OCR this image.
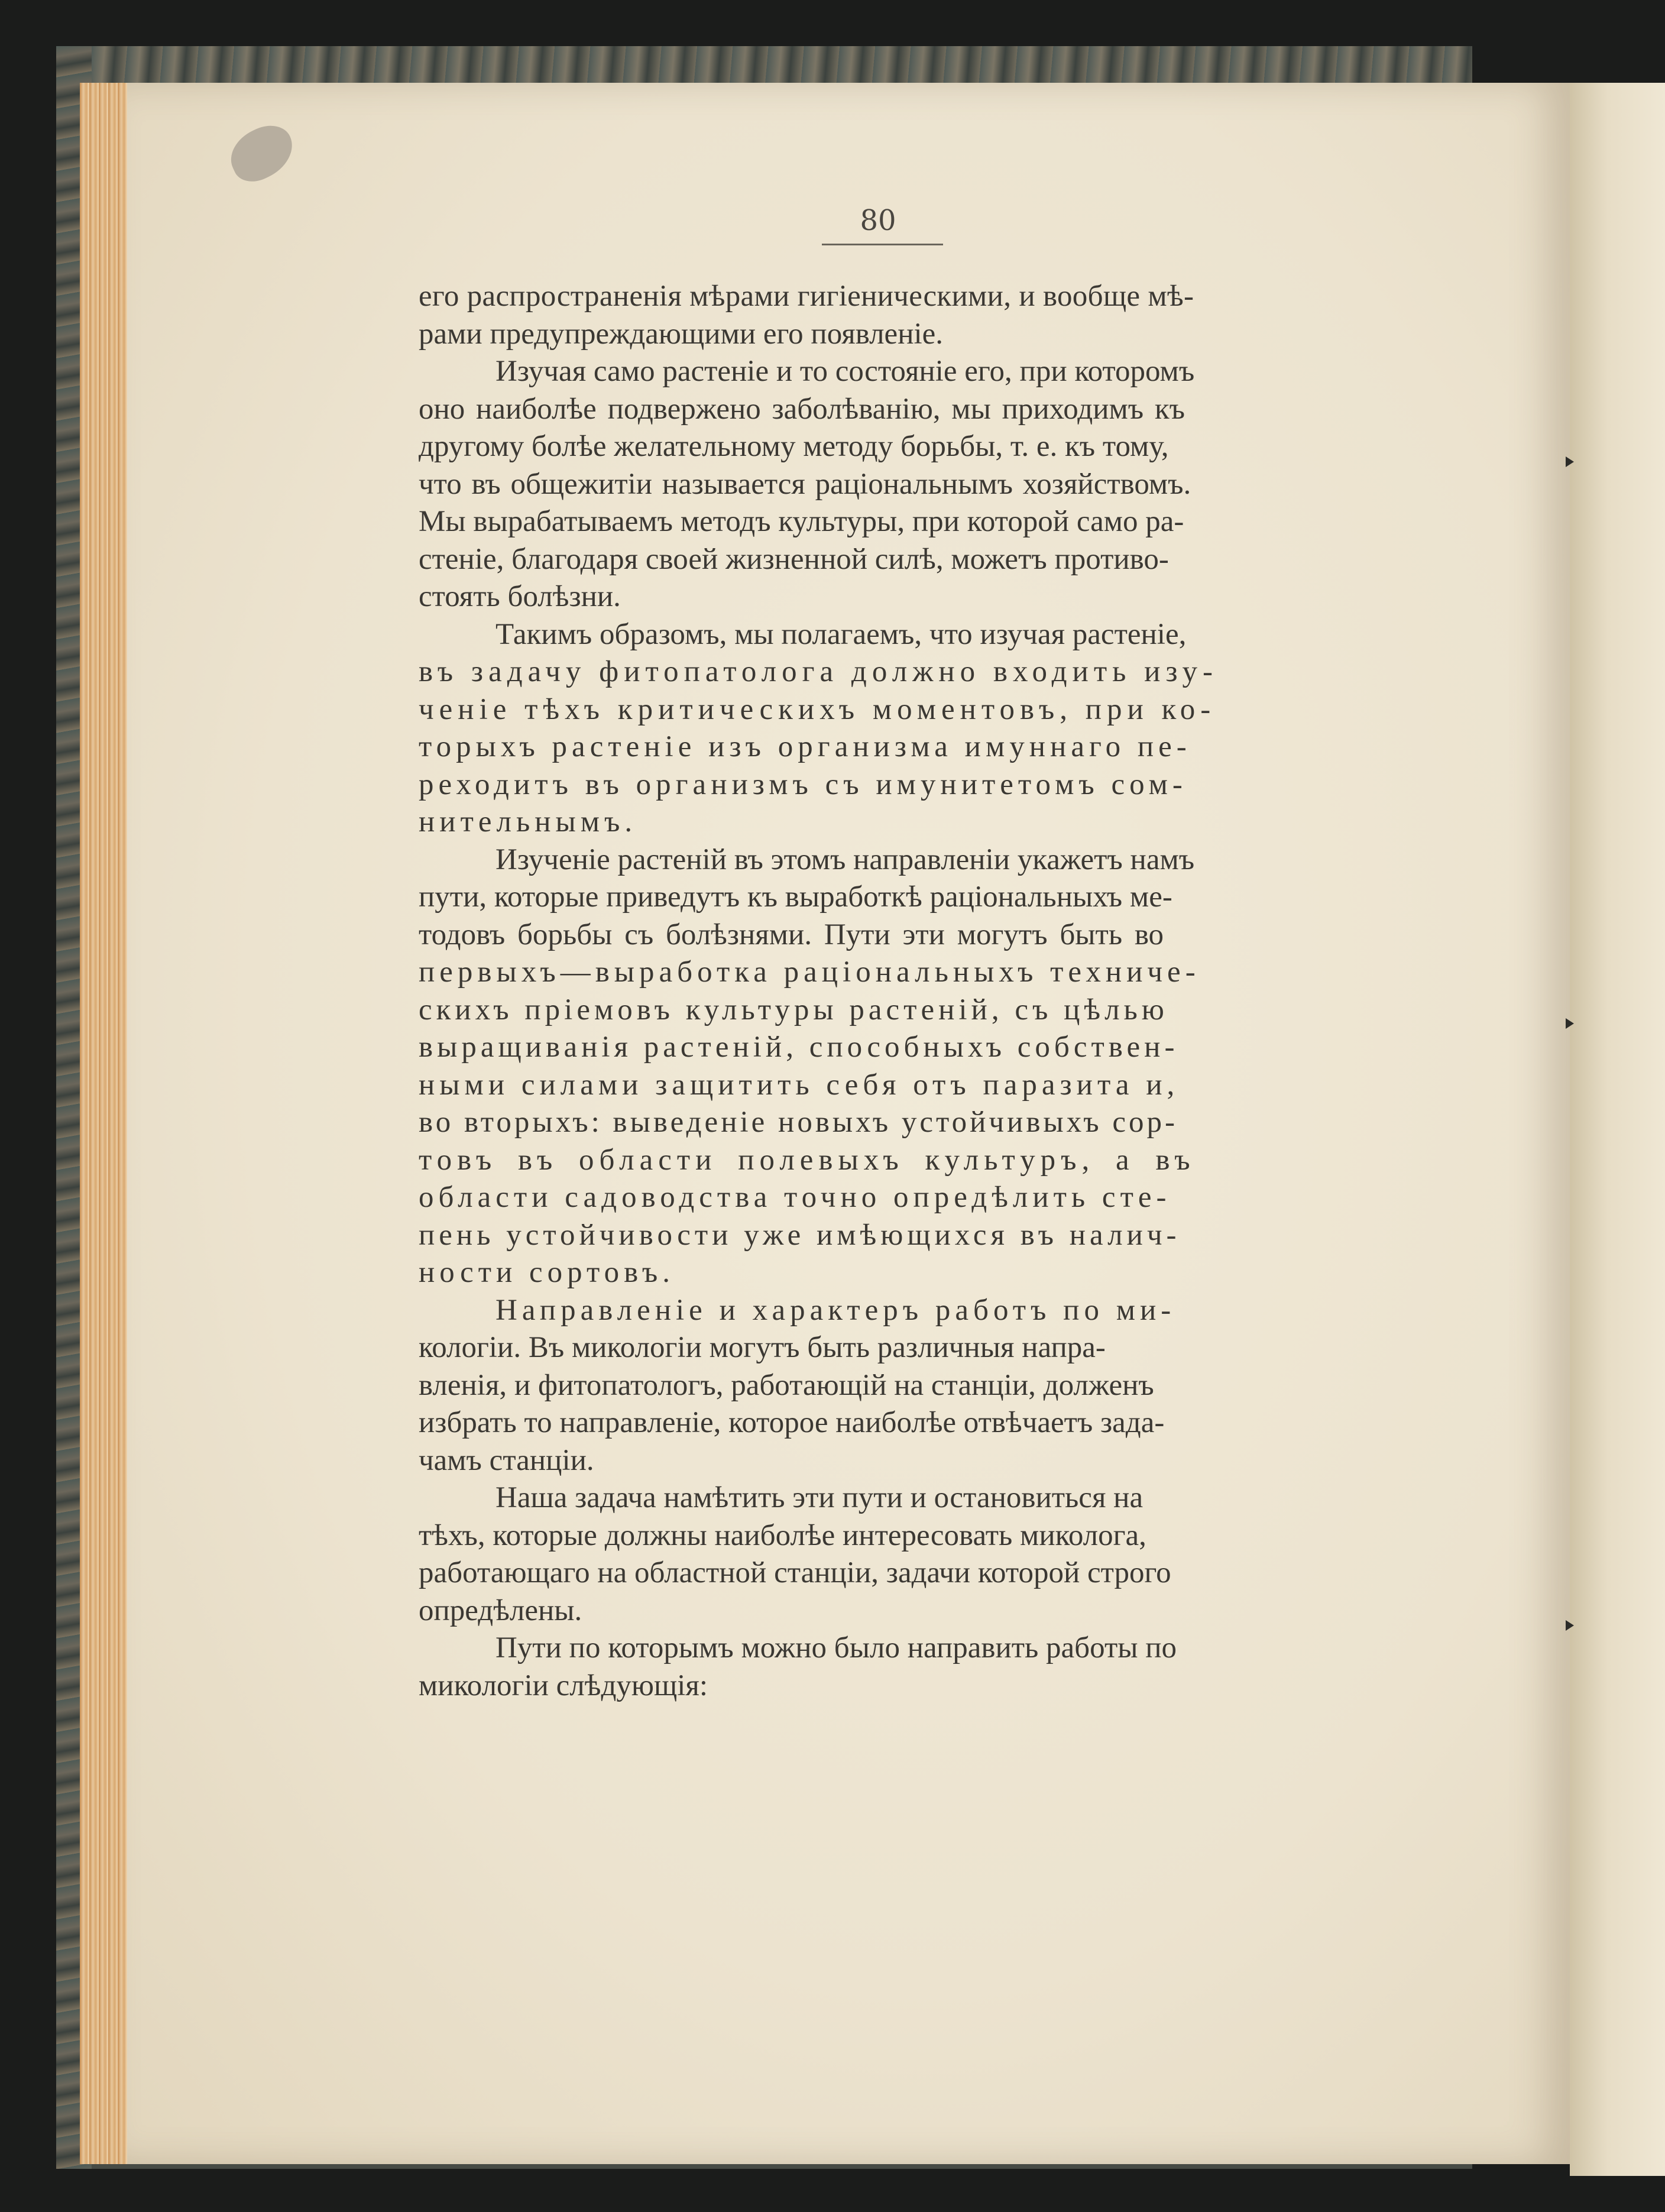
80

его распространенія мѣрами гигіеническими, и вообще мѣ-
рами предупреждающими его появленіе.

Изучая само растеніе и то состояніе его, при которомъ
оно наиболѣе подвержено заболѣванію, мы приходимъ къ
другому болѣе желательному методу борьбы, т. е. къ тому,
что въ общежитіи называется раціональнымъ хозяйствомъ.
Мы вырабатываемъ методъ культуры, при которой само ра-
стеніе, благодаря своей жизненной силѣ, можетъ противо-
стоять болѣзни.

Такимъ образомъ, мы полагаемъ, что изучая растеніе,
въ задачу фитопатолога должно входить изу-
ченіе тѣхъ критическихъ моментовъ, при ко-
торыхъ растеніе изъ организма имуннаго пе-
реходитъ въ организмъ съ имунитетомъ сом-
нительнымъ.

Изученіе растеній въ этомъ направленіи укажетъ намъ
пути, которые приведутъ къ выработкѣ раціональныхъ ме-
тодовъ борьбы съ болѣзнями. Пути эти могутъ быть во
первыхъ—выработка раціональныхъ техниче-
скихъ пріемовъ культуры растеній, съ цѣлью
выращиванія растеній, способныхъ собствен-
ными силами защитить себя отъ паразита и,
во вторыхъ: выведеніе новыхъ устойчивыхъ сор-
товъ въ области полевыхъ культуръ, а въ
области садоводства точно опредѣлить сте-
пень устойчивости уже имѣющихся въ налич-
ности сортовъ.

Направленіе и характеръ работъ по ми-
кологіи. Въ микологіи могутъ быть различныя напра-
вленія, и фитопатологъ, работающій на станціи, долженъ
избрать то направленіе, которое наиболѣе отвѣчаетъ зада-
чамъ станціи.

Наша задача намѣтить эти пути и остановиться на
тѣхъ, которые должны наиболѣе интересовать миколога,
работающаго на областной станціи, задачи которой строго
опредѣлены.

Пути по которымъ можно было направить работы по
микологіи слѣдующія:
